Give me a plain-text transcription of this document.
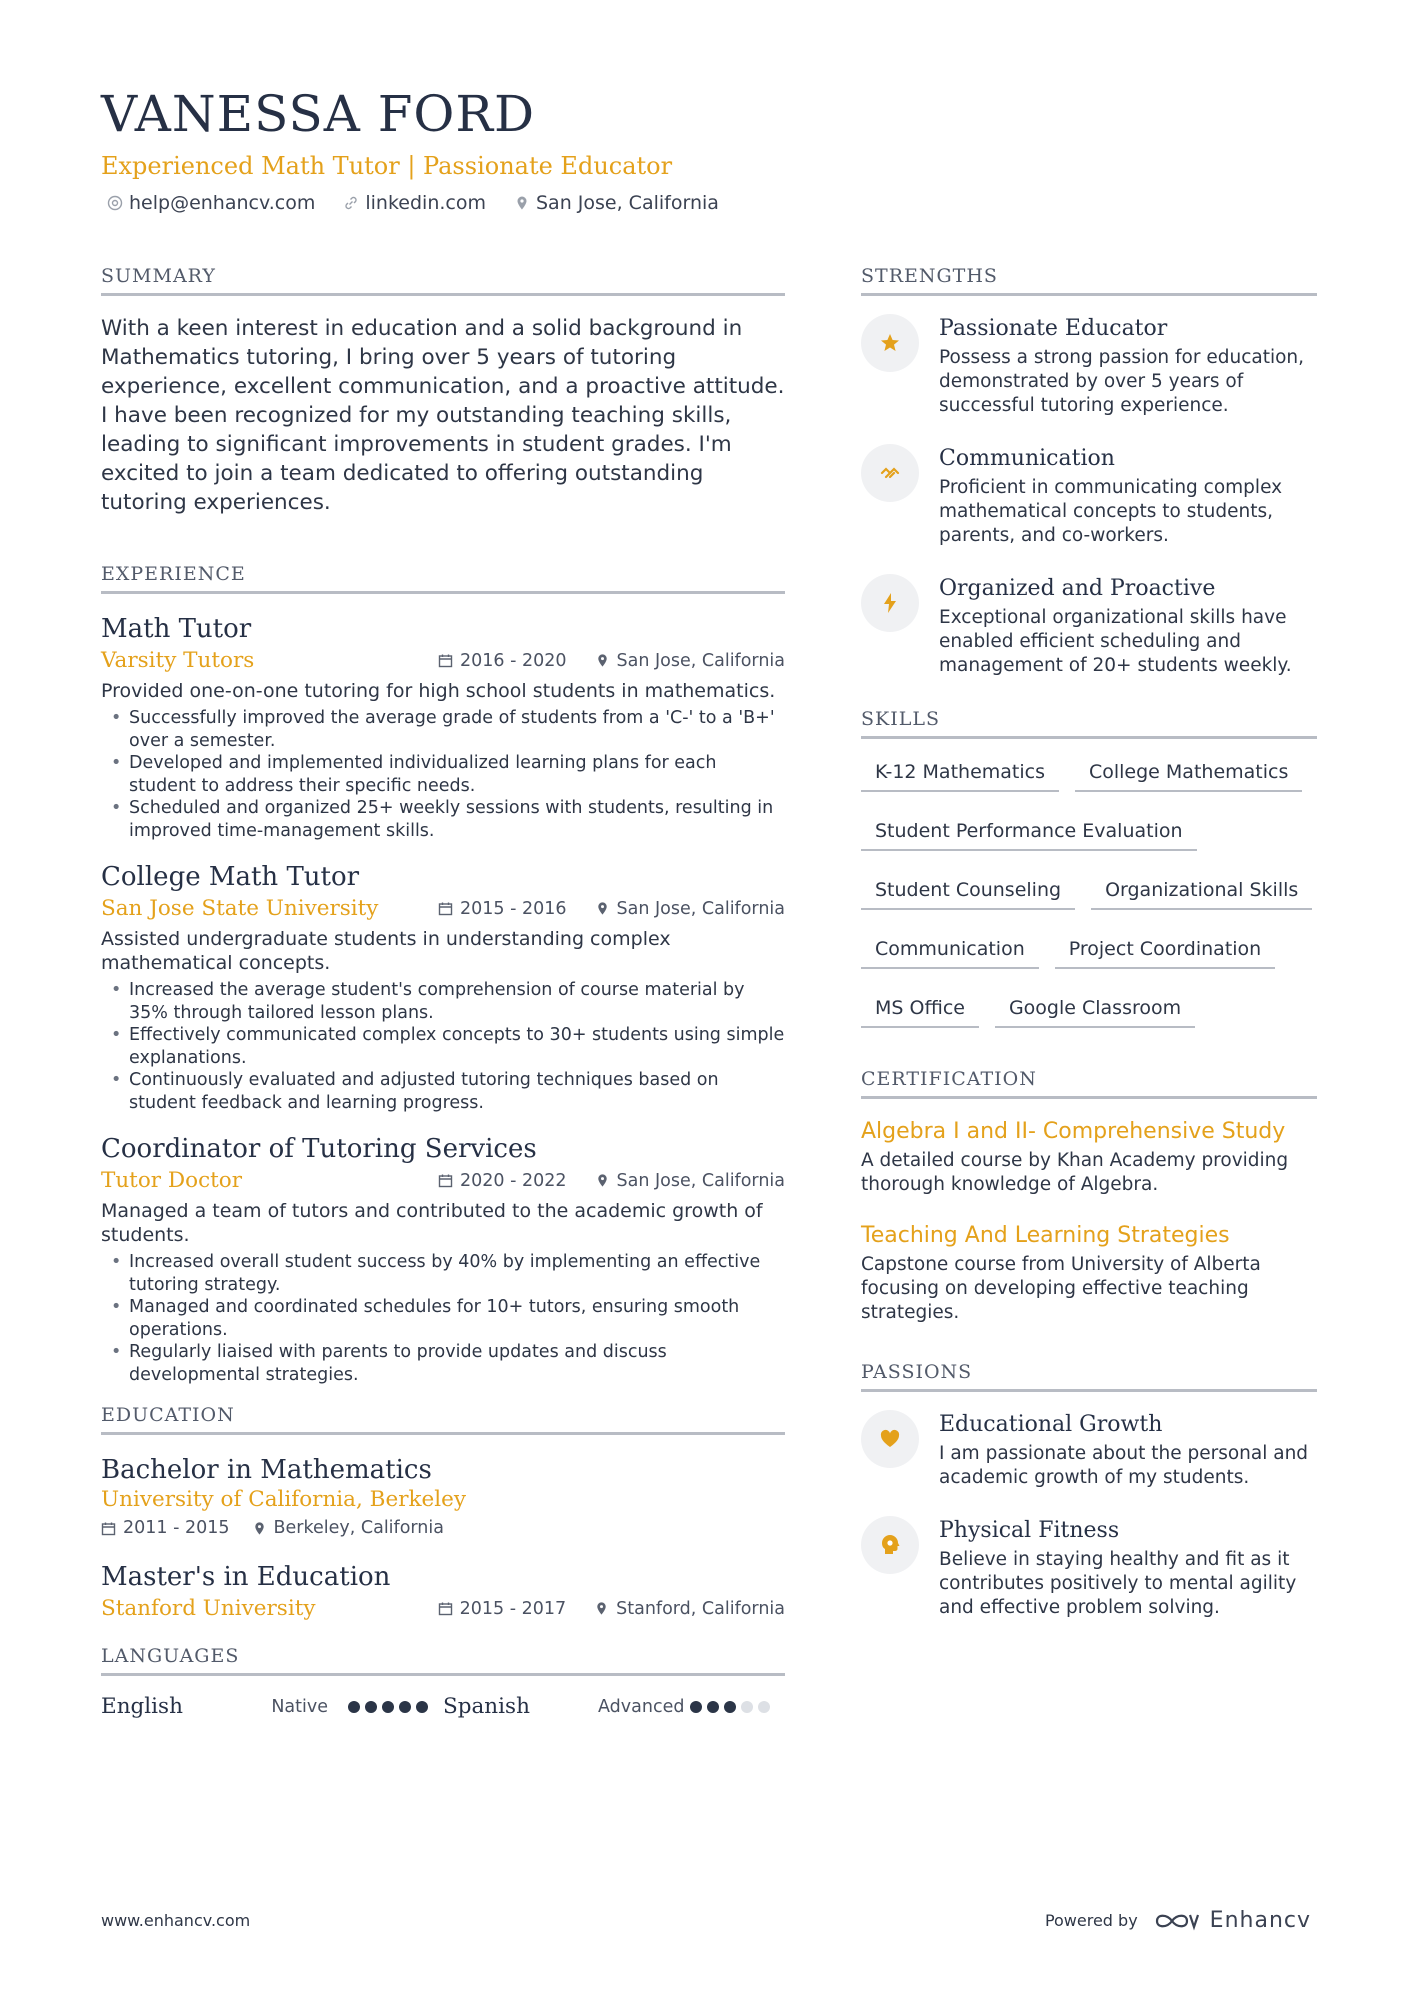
VANESSA FORD
Experienced Math Tutor | Passionate Educator
help@enhancv.com	linkedin.com	San Jose, California
SUMMARY

With a keen interest in education and a solid background in Mathematics tutoring, I bring over 5 years of tutoring experience, excellent communication, and a proactive attitude. I have been recognized for my outstanding teaching skills, leading to significant improvements in student grades. I'm excited to join a team dedicated to offering outstanding tutoring experiences.

EXPERIENCE
Math Tutor
Varsity Tutors	2016 - 2020	San Jose, California
Provided one-on-one tutoring for high school students in mathematics.
• Successfully improved the average grade of students from a 'C-' to a 'B+' over a semester.
• Developed and implemented individualized learning plans for each student to address their specific needs.
• Scheduled and organized 25+ weekly sessions with students, resulting in improved time-management skills.
College Math Tutor
San Jose State University	2015 - 2016	San Jose, California
Assisted undergraduate students in understanding complex mathematical concepts.
• Increased the average student's comprehension of course material by 35% through tailored lesson plans.
• Effectively communicated complex concepts to 30+ students using simple explanations.
• Continuously evaluated and adjusted tutoring techniques based on student feedback and learning progress.
Coordinator of Tutoring Services
Tutor Doctor	2020 - 2022	San Jose, California
Managed a team of tutors and contributed to the academic growth of students.
• Increased overall student success by 40% by implementing an effective tutoring strategy.
• Managed and coordinated schedules for 10+ tutors, ensuring smooth operations.
• Regularly liaised with parents to provide updates and discuss developmental strategies.
EDUCATION
Bachelor in Mathematics
University of California, Berkeley
2011 - 2015	Berkeley, California
Master's in Education
Stanford University	2015 - 2017	Stanford, California
LANGUAGES
English	Native	Spanish	Advanced
STRENGTHS
Passionate Educator
Possess a strong passion for education, demonstrated by over 5 years of successful tutoring experience.
Communication
Proficient in communicating complex mathematical concepts to students, parents, and co-workers.
Organized and Proactive
Exceptional organizational skills have enabled efficient scheduling and management of 20+ students weekly.
SKILLS
K-12 Mathematics	College Mathematics
Student Performance Evaluation
Student Counseling	Organizational Skills
Communication	Project Coordination
MS Office	Google Classroom
CERTIFICATION
Algebra I and II- Comprehensive Study
A detailed course by Khan Academy providing thorough knowledge of Algebra.
Teaching And Learning Strategies
Capstone course from University of Alberta focusing on developing effective teaching strategies.
PASSIONS
Educational Growth
I am passionate about the personal and academic growth of my students.
Physical Fitness
Believe in staying healthy and fit as it contributes positively to mental agility and effective problem solving.
www.enhancv.com	Powered by	Enhancv
